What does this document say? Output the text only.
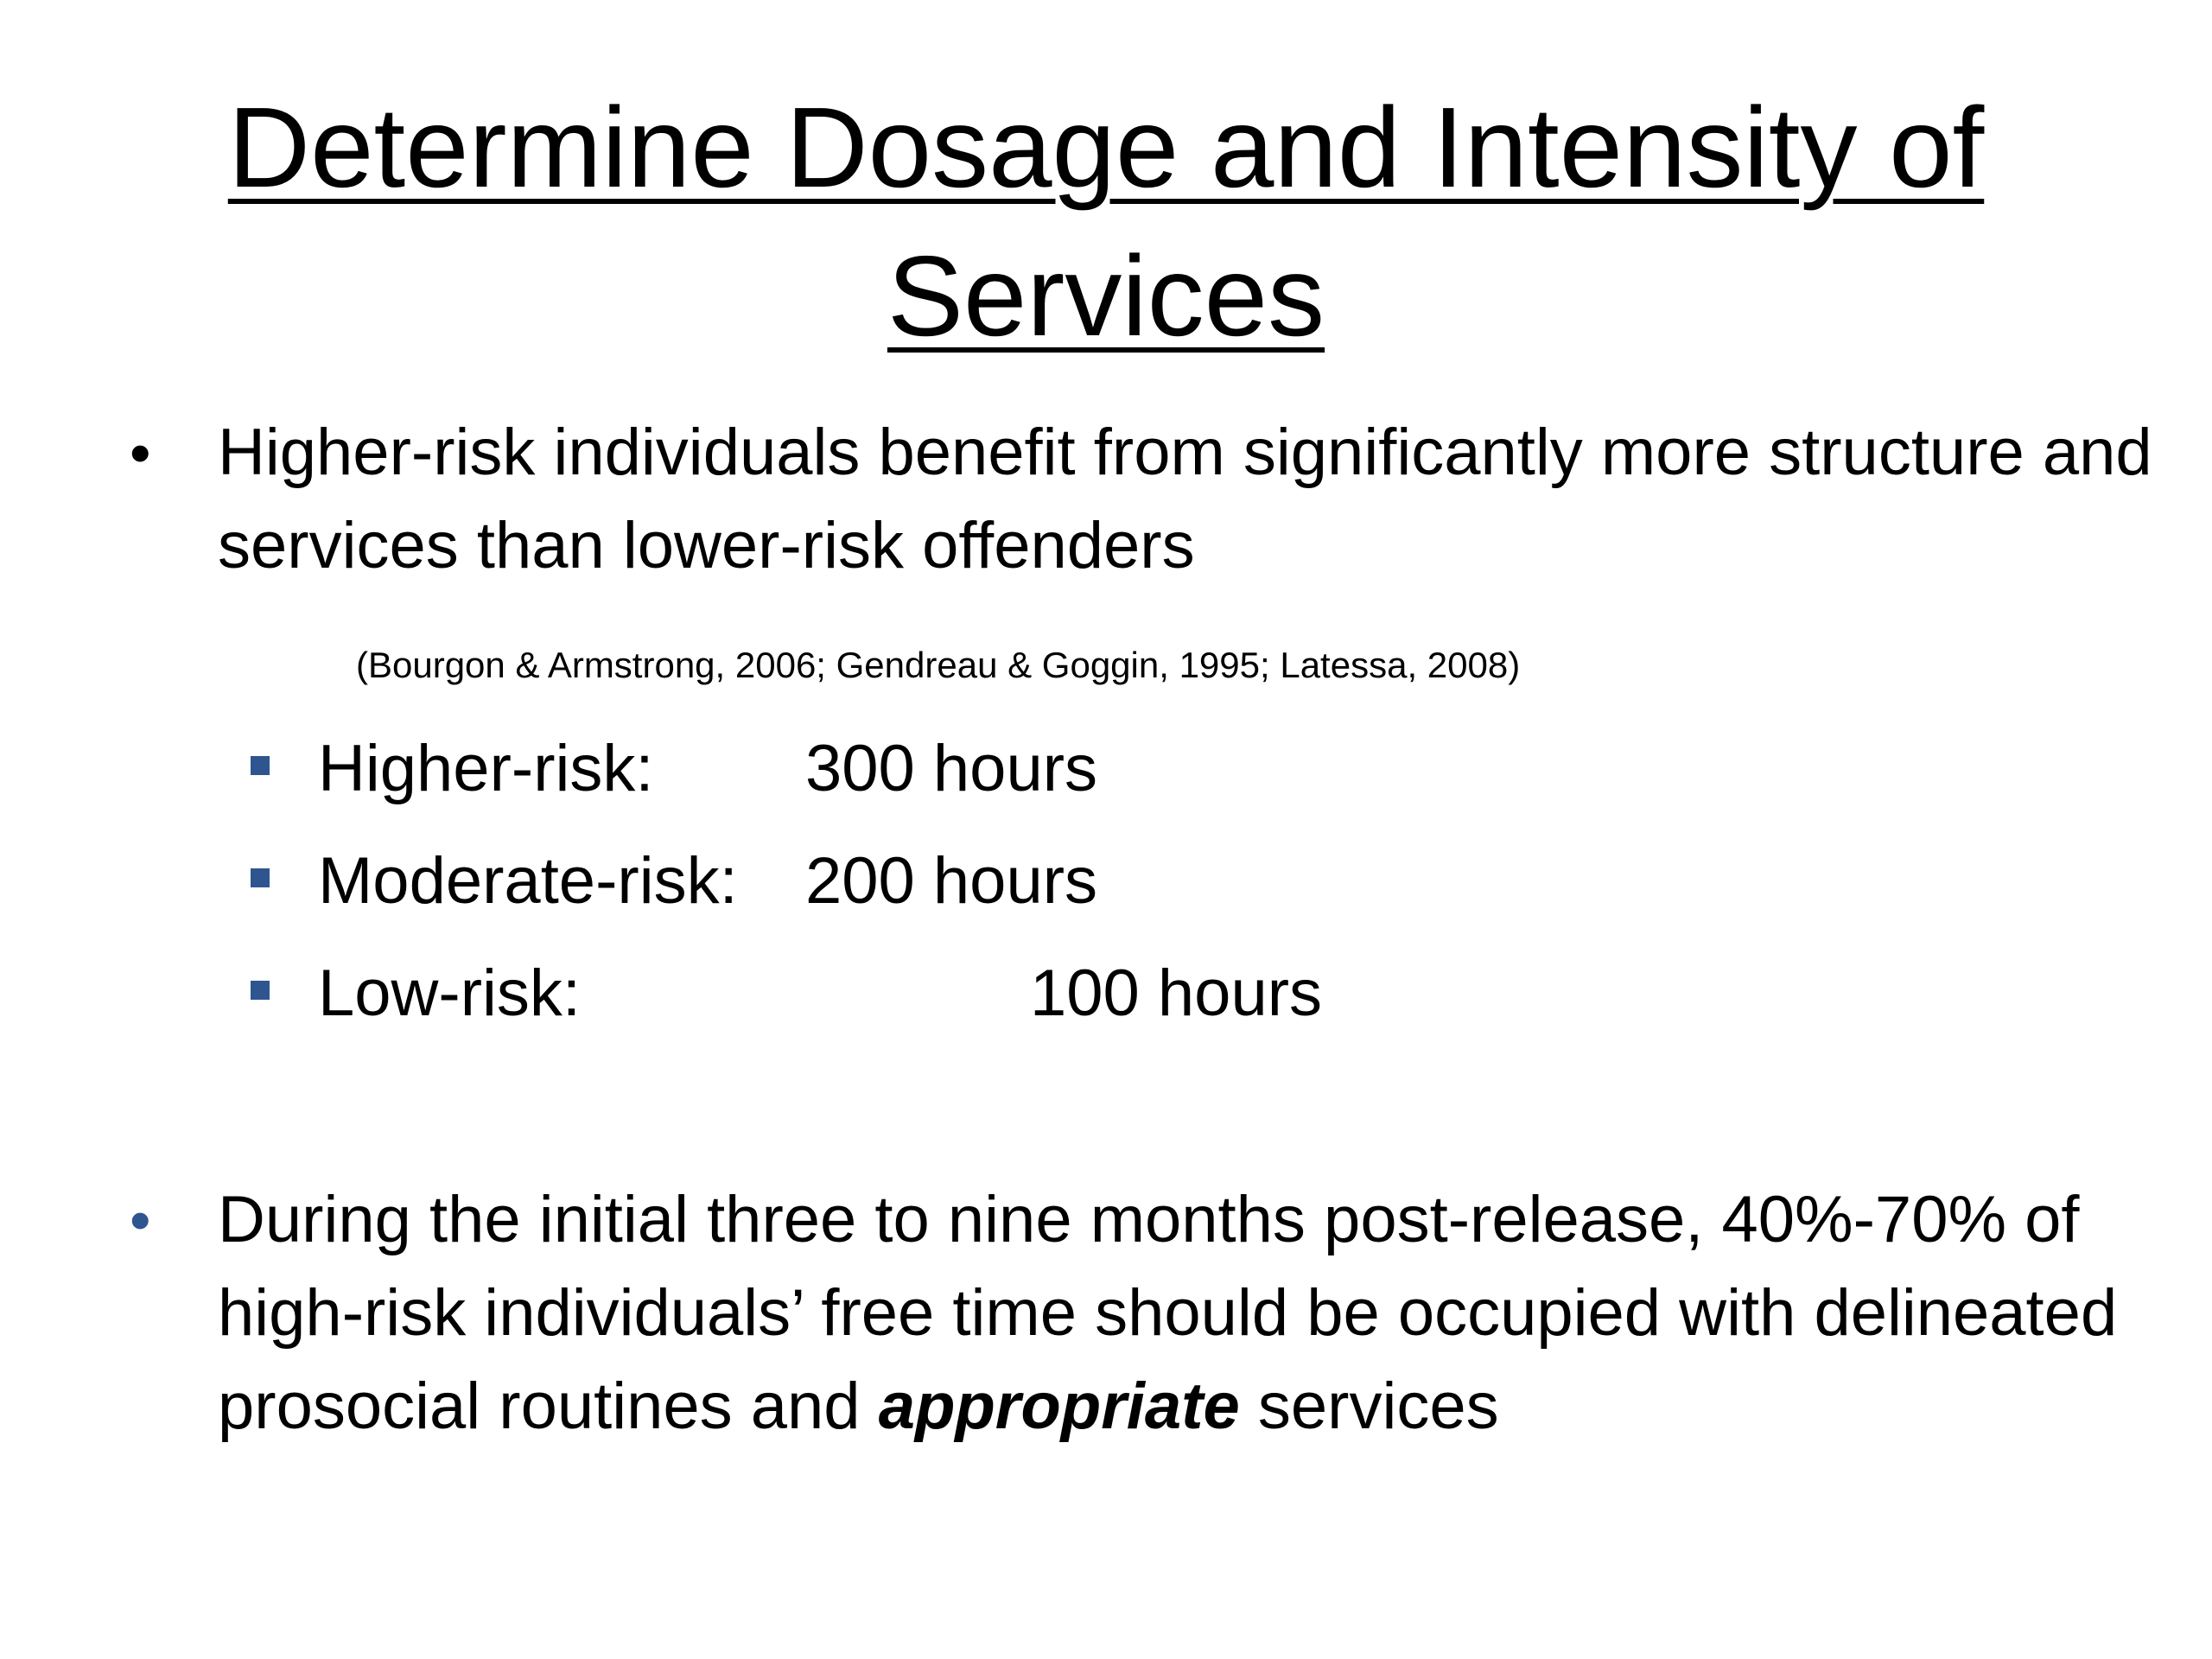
Determine Dosage and Intensity of Services
• Higher-risk individuals benefit from significantly more structure and services than lower-risk offenders
(Bourgon & Armstrong, 2006; Gendreau & Goggin, 1995; Latessa, 2008)
Higher-risk: 300 hours
Moderate-risk: 200 hours
Low-risk:	100 hours
• During the initial three to nine months post-release, 40%-70% of high-risk individuals’ free time should be occupied with delineated prosocial routines and appropriate services
